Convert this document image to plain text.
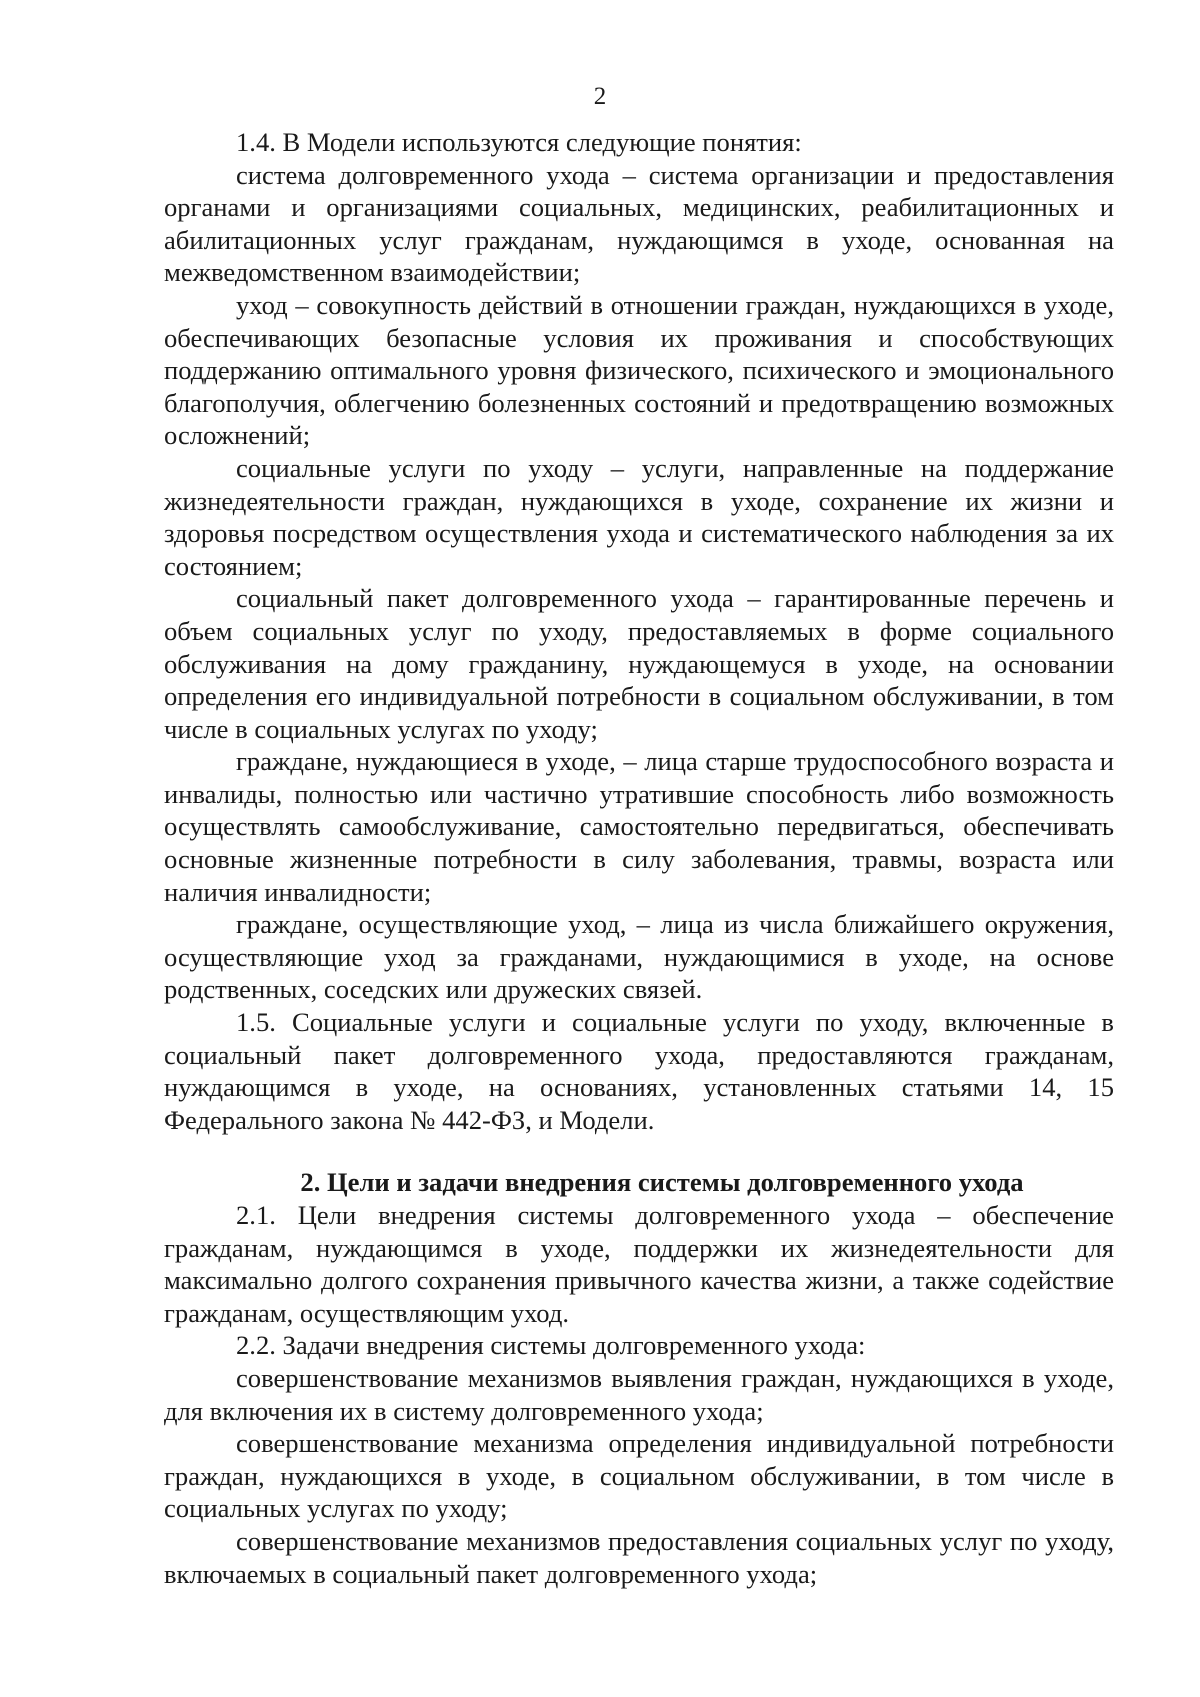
2

1.4. В Модели используются следующие понятия:

система долговременного ухода – система организации и предоставления органами и организациями социальных, медицинских, реабилитационных и абилитационных услуг гражданам, нуждающимся в уходе, основанная на межведомственном взаимодействии;

уход – совокупность действий в отношении граждан, нуждающихся в уходе, обеспечивающих безопасные условия их проживания и способствующих поддержанию оптимального уровня физического, психического и эмоционального благополучия, облегчению болезненных состояний и предотвращению возможных осложнений;

социальные услуги по уходу – услуги, направленные на поддержание жизнедеятельности граждан, нуждающихся в уходе, сохранение их жизни и здоровья посредством осуществления ухода и систематического наблюдения за их состоянием;

социальный пакет долговременного ухода – гарантированные перечень и объем социальных услуг по уходу, предоставляемых в форме социального обслуживания на дому гражданину, нуждающемуся в уходе, на основании определения его индивидуальной потребности в социальном обслуживании, в том числе в социальных услугах по уходу;

граждане, нуждающиеся в уходе, – лица старше трудоспособного возраста и инвалиды, полностью или частично утратившие способность либо возможность осуществлять самообслуживание, самостоятельно передвигаться, обеспечивать основные жизненные потребности в силу заболевания, травмы, возраста или наличия инвалидности;

граждане, осуществляющие уход, – лица из числа ближайшего окружения, осуществляющие уход за гражданами, нуждающимися в уходе, на основе родственных, соседских или дружеских связей.

1.5. Социальные услуги и социальные услуги по уходу, включенные в социальный пакет долговременного ухода, предоставляются гражданам, нуждающимся в уходе, на основаниях, установленных статьями 14, 15 Федерального закона № 442-ФЗ, и Модели.

2. Цели и задачи внедрения системы долговременного ухода

2.1. Цели внедрения системы долговременного ухода – обеспечение гражданам, нуждающимся в уходе, поддержки их жизнедеятельности для максимально долгого сохранения привычного качества жизни, а также содействие гражданам, осуществляющим уход.

2.2. Задачи внедрения системы долговременного ухода:

совершенствование механизмов выявления граждан, нуждающихся в уходе, для включения их в систему долговременного ухода;

совершенствование механизма определения индивидуальной потребности граждан, нуждающихся в уходе, в социальном обслуживании, в том числе в социальных услугах по уходу;

совершенствование механизмов предоставления социальных услуг по уходу, включаемых в социальный пакет долговременного ухода;
